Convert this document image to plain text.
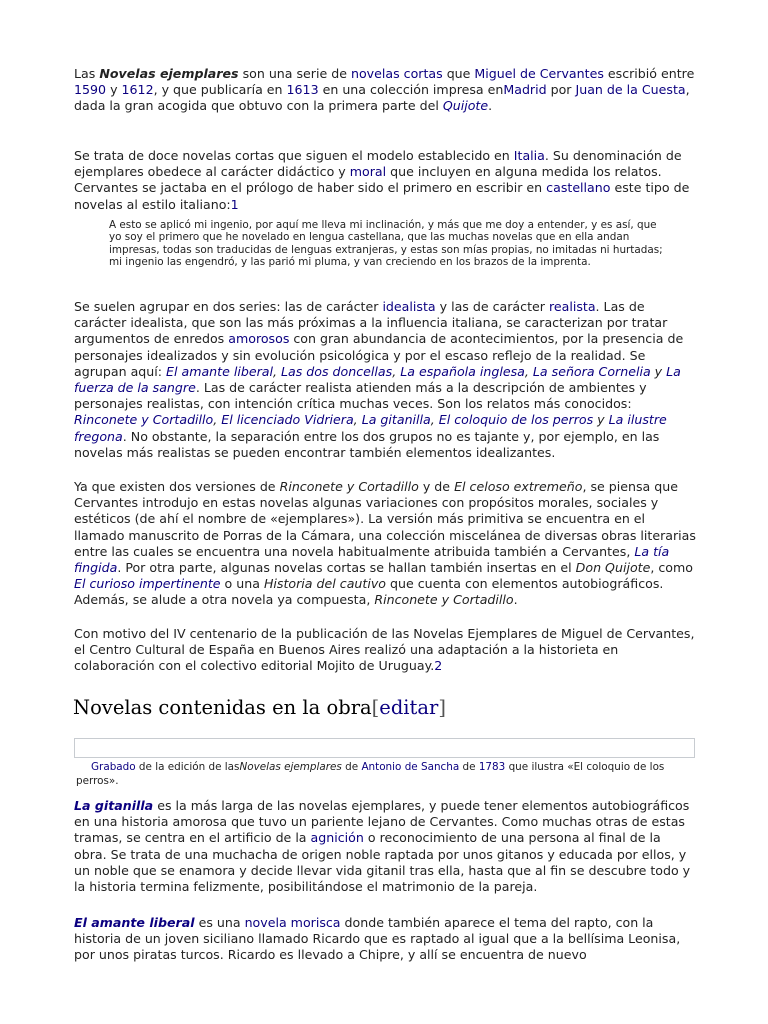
Las Novelas ejemplares son una serie de novelas cortas que Miguel de Cervantes escribió entre 1590 y 1612, y que publicaría en 1613 en una colección impresa enMadrid por Juan de la Cuesta, dada la gran acogida que obtuvo con la primera parte del Quijote.

Se trata de doce novelas cortas que siguen el modelo establecido en Italia. Su denominación de ejemplares obedece al carácter didáctico y moral que incluyen en alguna medida los relatos. Cervantes se jactaba en el prólogo de haber sido el primero en escribir en castellano este tipo de novelas al estilo italiano:1

A esto se aplicó mi ingenio, por aquí me lleva mi inclinación, y más que me doy a entender, y es así, que yo soy el primero que he novelado en lengua castellana, que las muchas novelas que en ella andan impresas, todas son traducidas de lenguas extranjeras, y estas son mías propias, no imitadas ni hurtadas; mi ingenio las engendró, y las parió mi pluma, y van creciendo en los brazos de la imprenta.

Se suelen agrupar en dos series: las de carácter idealista y las de carácter realista. Las de carácter idealista, que son las más próximas a la influencia italiana, se caracterizan por tratar argumentos de enredos amorosos con gran abundancia de acontecimientos, por la presencia de personajes idealizados y sin evolución psicológica y por el escaso reflejo de la realidad. Se agrupan aquí: El amante liberal, Las dos doncellas, La española inglesa, La señora Cornelia y La fuerza de la sangre. Las de carácter realista atienden más a la descripción de ambientes y personajes realistas, con intención crítica muchas veces. Son los relatos más conocidos: Rinconete y Cortadillo, El licenciado Vidriera, La gitanilla, El coloquio de los perros y La ilustre fregona. No obstante, la separación entre los dos grupos no es tajante y, por ejemplo, en las novelas más realistas se pueden encontrar también elementos idealizantes.

Ya que existen dos versiones de Rinconete y Cortadillo y de El celoso extremeño, se piensa que Cervantes introdujo en estas novelas algunas variaciones con propósitos morales, sociales y estéticos (de ahí el nombre de «ejemplares»). La versión más primitiva se encuentra en el llamado manuscrito de Porras de la Cámara, una colección miscelánea de diversas obras literarias entre las cuales se encuentra una novela habitualmente atribuida también a Cervantes, La tía fingida. Por otra parte, algunas novelas cortas se hallan también insertas en el Don Quijote, como El curioso impertinente o una Historia del cautivo que cuenta con elementos autobiográficos. Además, se alude a otra novela ya compuesta, Rinconete y Cortadillo.

Con motivo del IV centenario de la publicación de las Novelas Ejemplares de Miguel de Cervantes, el Centro Cultural de España en Buenos Aires realizó una adaptación a la historieta en colaboración con el colectivo editorial Mojito de Uruguay.2

Novelas contenidas en la obra[editar]

Grabado de la edición de lasNovelas ejemplares de Antonio de Sancha de 1783 que ilustra «El coloquio de los perros».

La gitanilla es la más larga de las novelas ejemplares, y puede tener elementos autobiográficos en una historia amorosa que tuvo un pariente lejano de Cervantes. Como muchas otras de estas tramas, se centra en el artificio de la agnición o reconocimiento de una persona al final de la obra. Se trata de una muchacha de origen noble raptada por unos gitanos y educada por ellos, y un noble que se enamora y decide llevar vida gitanil tras ella, hasta que al fin se descubre todo y la historia termina felizmente, posibilitándose el matrimonio de la pareja.

El amante liberal es una novela morisca donde también aparece el tema del rapto, con la historia de un joven siciliano llamado Ricardo que es raptado al igual que a la bellísima Leonisa, por unos piratas turcos. Ricardo es llevado a Chipre, y allí se encuentra de nuevo
